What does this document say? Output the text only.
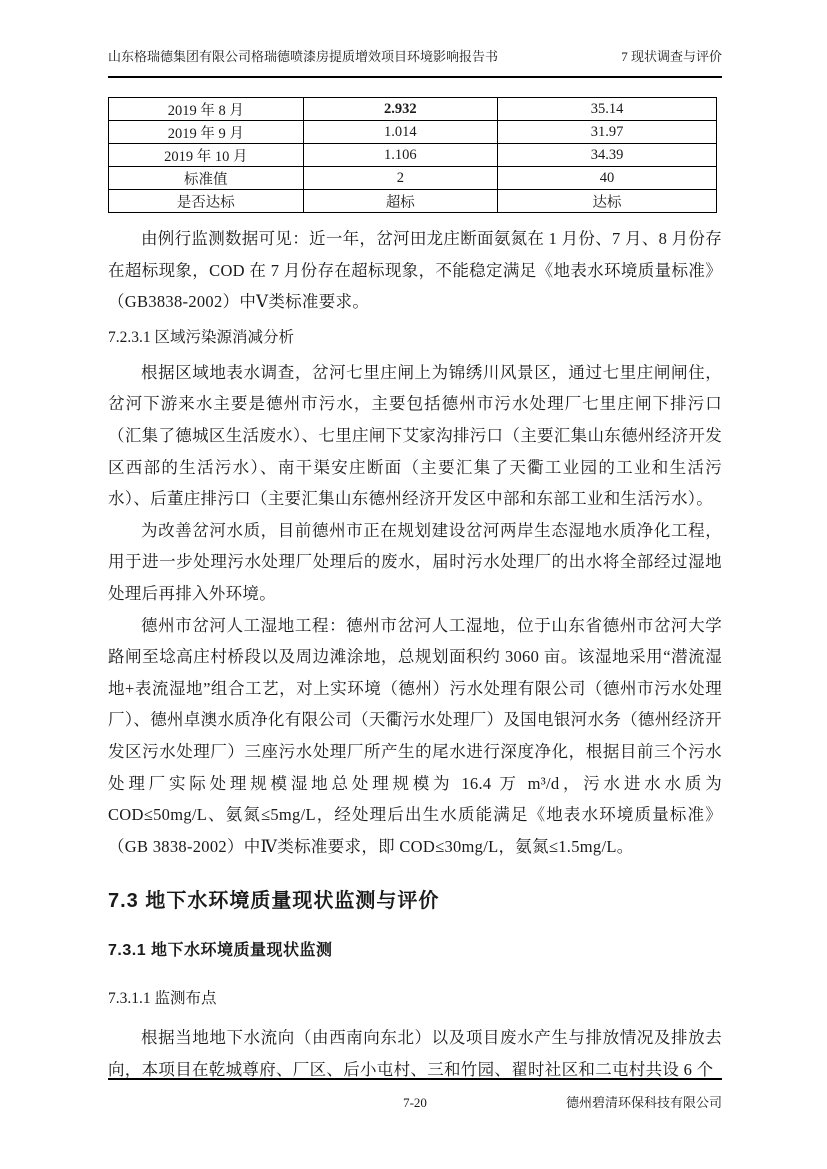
山东格瑞德集团有限公司格瑞德喷漆房提质增效项目环境影响报告书	7 现状调查与评价
2019 年 8 月	2.932	35.14
2019 年 9 月	1.014	31.97
2019 年 10 月	1.106	34.39
标准值	2	40
是否达标	超标	达标

由例行监测数据可见：近一年，岔河田龙庄断面氨氮在 1 月份、7 月、8 月份存在超标现象，COD 在 7 月份存在超标现象，不能稳定满足《地表水环境质量标准》（GB3838-2002）中Ⅴ类标准要求。

7.2.3.1 区域污染源消减分析

根据区域地表水调查，岔河七里庄闸上为锦绣川风景区，通过七里庄闸闸住，岔河下游来水主要是德州市污水，主要包括德州市污水处理厂七里庄闸下排污口（汇集了德城区生活废水）、七里庄闸下艾家沟排污口（主要汇集山东德州经济开发区西部的生活污水）、南干渠安庄断面（主要汇集了天衢工业园的工业和生活污水）、后董庄排污口（主要汇集山东德州经济开发区中部和东部工业和生活污水）。

为改善岔河水质，目前德州市正在规划建设岔河两岸生态湿地水质净化工程，用于进一步处理污水处理厂处理后的废水，届时污水处理厂的出水将全部经过湿地处理后再排入外环境。

德州市岔河人工湿地工程：德州市岔河人工湿地，位于山东省德州市岔河大学路闸至埝高庄村桥段以及周边滩涂地，总规划面积约 3060 亩。该湿地采用“潜流湿地+表流湿地”组合工艺，对上实环境（德州）污水处理有限公司（德州市污水处理厂）、德州卓澳水质净化有限公司（天衢污水处理厂）及国电银河水务（德州经济开发区污水处理厂）三座污水处理厂所产生的尾水进行深度净化，根据目前三个污水处理厂实际处理规模湿地总处理规模为 16.4 万 m³/d，污水进水水质为 COD≤50mg/L、氨氮≤5mg/L，经处理后出生水质能满足《地表水环境质量标准》（GB 3838-2002）中Ⅳ类标准要求，即 COD≤30mg/L，氨氮≤1.5mg/L。

7.3 地下水环境质量现状监测与评价
7.3.1 地下水环境质量现状监测
7.3.1.1 监测布点

根据当地地下水流向（由西南向东北）以及项目废水产生与排放情况及排放去向，本项目在乾城尊府、厂区、后小屯村、三和竹园、翟时社区和二屯村共设 6 个

7-20	德州碧清环保科技有限公司
